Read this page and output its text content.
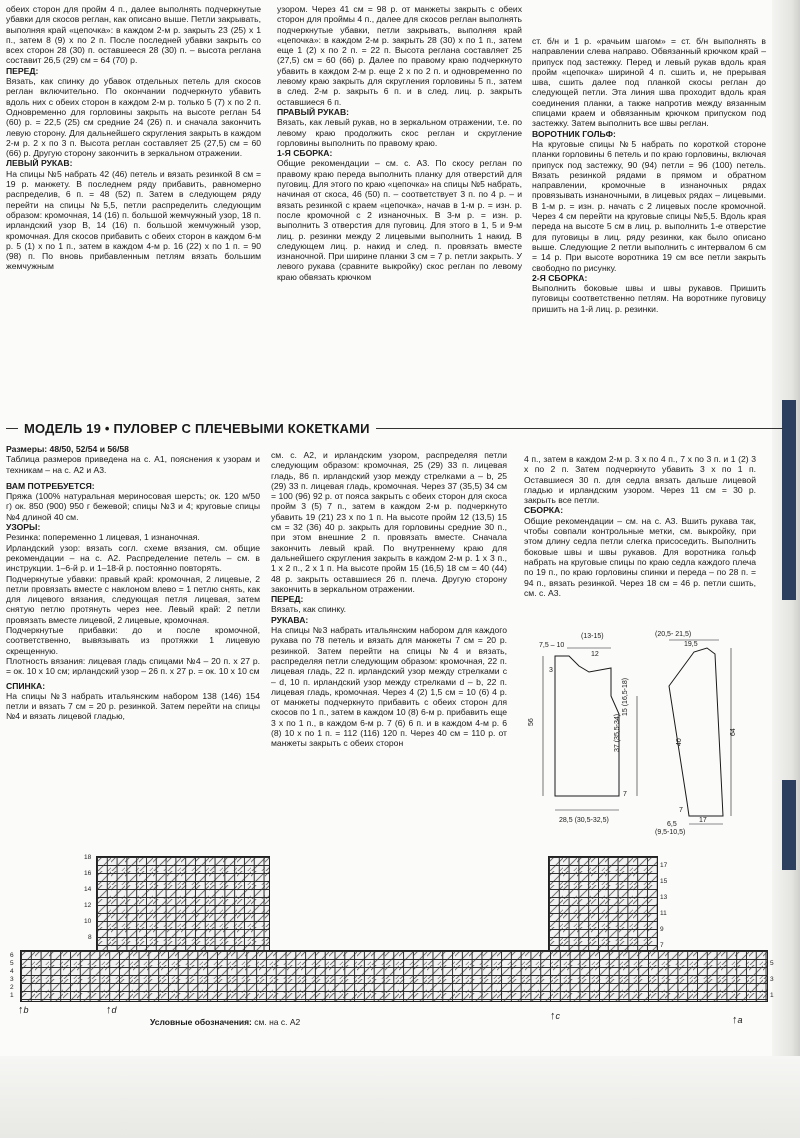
обеих сторон для пройм 4 п., далее выполнять подчеркнутые убавки для скосов реглан, как описано выше. Петли закрывать, выполняя край «цепочка»: в каждом 2-м р. закрыть 23 (25) х 1 п., затем 8 (9) х по 2 п. После последней убавки закрыть со всех сторон 28 (30) п. оставшееся 28 (30) п. – высота реглана составит 26,5 (29) см = 64 (70) р.

ПЕРЕД:

Вязать, как спинку до убавок отдельных петель для скосов реглан включительно. По окончании подчеркнуто убавить вдоль них с обеих сторон в каждом 2-м р. только 5 (7) х по 2 п. Одновременно для горловины закрыть на высоте реглан 54 (60) р. = 22,5 (25) см средние 24 (26) п. и сначала закончить левую сторону. Для дальнейшего скругления закрыть в каждом 2-м р. 2 х по 3 п. Высота реглан составляет 25 (27,5) см = 60 (66) р. Другую сторону закончить в зеркальном отражении.

ЛЕВЫЙ РУКАВ:

На спицы №5 набрать 42 (46) петель и вязать резинкой 8 см = 19 р. манжету. В последнем ряду прибавить, равномерно распределив, 6 п. = 48 (52) п. Затем в следующем ряду перейти на спицы №5,5, петли распределить следующим образом: кромочная, 14 (16) п. большой жемчужный узор, 18 п. ирландский узор В, 14 (16) п. большой жемчужный узор, кромочная. Для скосов прибавить с обеих сторон в каждом 6-м р. 5 (1) х по 1 п., затем в каждом 4-м р. 16 (22) х по 1 п. = 90 (98) п. По вновь прибавленным петлям вязать большим жемчужным

узором. Через 41 см = 98 р. от манжеты закрыть с обеих сторон для проймы 4 п., далее для скосов реглан выполнять подчеркнутые убавки, петли закрывать, выполняя край «цепочка»: в каждом 2-м р. закрыть 28 (30) х по 1 п., затем еще 1 (2) х по 2 п. = 22 п. Высота реглана составляет 25 (27,5) см = 60 (66) р. Далее по правому краю подчеркнуто убавить в каждом 2-м р. еще 2 х по 2 п. и одновременно по левому краю закрыть для скругления горловины 5 п., затем в след. 2-м р. закрыть 6 п. и в след. лиц. р. закрыть оставшиеся 6 п.

ПРАВЫЙ РУКАВ:

Вязать, как левый рукав, но в зеркальном отражении, т.е. по левому краю продолжить скос реглан и скругление горловины выполнить по правому краю.

1-Я СБОРКА:

Общие рекомендации – см. с. А3. По скосу реглан по правому краю переда выполнить планку для отверстий для пуговиц. Для этого по краю «цепочка» на спицы №5 набрать, начиная от скоса, 46 (50) п. – соответствует 3 п. по 4 р. – и вязать резинкой с краем «цепочка», начав в 1-м р. = изн. р. после кромочной с 2 изнаночных. В 3-м р. = изн. р. выполнить 3 отверстия для пуговиц. Для этого в 1, 5 и 9-м лиц. р. резинки между 2 лицевыми выполнить 1 накид. В следующем лиц. р. накид и след. п. провязать вместе изнаночной. При ширине планки 3 см = 7 р. петли закрыть. У левого рукава (сравните выкройку) скос реглан по левому краю обвязать крючком

ст. б/н и 1 р. «рачьим шагом» = ст. б/н выполнять в направлении слева направо. Обвязанный крючком край – припуск под застежку. Перед и левый рукав вдоль края пройм «цепочка» шириной 4 п. сшить и, не прерывая шва, сшить далее под планкой скосы реглан до следующей петли. Эта линия шва проходит вдоль края соединения планки, а также напротив между вязанным спицами краем и обвязанным крючком припуском под застежку. Затем выполнить все швы реглан.

ВОРОТНИК ГОЛЬФ:

На круговые спицы №5 набрать по короткой стороне планки горловины 6 петель и по краю горловины, включая припуск под застежку, 90 (94) петли = 96 (100) петель. Вязать резинкой рядами в прямом и обратном направлении, кромочные в изнаночных рядах провязывать изнаночными, в лицевых рядах – лицевыми. В 1-м р. = изн. р. начать с 2 лицевых после кромочной. Через 4 см перейти на круговые спицы №5,5. Вдоль края переда на высоте 5 см в лиц. р. выполнить 1-е отверстие для пуговицы в лиц. ряду резинки, как было описано выше. Следующие 2 петли выполнить с интервалом 6 см = 14 р. При высоте воротника 19 см все петли закрыть свободно по рисунку.

2-Я СБОРКА:

Выполнить боковые швы и швы рукавов. Пришить пуговицы соответственно петлям. На воротнике пуговицу пришить на 1-й лиц. р. резинки.

МОДЕЛЬ 19 • ПУЛОВЕР С ПЛЕЧЕВЫМИ КОКЕТКАМИ

Размеры: 48/50, 52/54 и 56/58

Таблица размеров приведена на с. А1, пояснения к узорам и техникам – на с. А2 и А3.

ВАМ ПОТРЕБУЕТСЯ:

Пряжа (100% натуральная мериносовая шерсть; ок. 120 м/50 г) ок. 850 (900) 950 г бежевой; спицы №3 и 4; круговые спицы №4 длиной 40 см.

УЗОРЫ:

Резинка: попеременно 1 лицевая, 1 изнаночная.

Ирландский узор: вязать согл. схеме вязания, см. общие рекомендации – на с. А2. Распределение петель – см. в инструкции. 1–6-й р. и 1–18-й р. постоянно повторять.

Подчеркнутые убавки: правый край: кромочная, 2 лицевые, 2 петли провязать вместе с наклоном влево = 1 петлю снять, как для лицевого вязания, следующая петля лицевая, затем снятую петлю протянуть через нее. Левый край: 2 петли провязать вместе лицевой, 2 лицевые, кромочная.

Подчеркнутые прибавки: до и после кромочной, соответственно, вывязывать из протяжки 1 лицевую скрещенную.

Плотность вязания: лицевая гладь спицами №4 – 20 п. х 27 р. = ок. 10 х 10 см; ирландский узор – 26 п. х 27 р. = ок. 10 х 10 см

СПИНКА:

На спицы №3 набрать итальянским набором 138 (146) 154 петли и вязать 7 см = 20 р. резинкой. Затем перейти на спицы №4 и вязать лицевой гладью,

см. с. А2, и ирландским узором, распределяя петли следующим образом: кромочная, 25 (29) 33 п. лицевая гладь, 86 п. ирландский узор между стрелками a – b, 25 (29) 33 п. лицевая гладь, кромочная. Через 37 (35,5) 34 см = 100 (96) 92 р. от пояса закрыть с обеих сторон для скоса пройм 3 (5) 7 п., затем в каждом 2-м р. подчеркнуто убавить 19 (21) 23 х по 1 п. На высоте пройм 12 (13,5) 15 см = 32 (36) 40 р. закрыть для горловины средние 30 п., при этом внешние 2 п. провязать вместе. Сначала закончить левый край. По внутреннему краю для дальнейшего скругления закрыть в каждом 2-м р. 1 х 3 п., 1 х 2 п., 2 х 1 п. На высоте пройм 15 (16,5) 18 см = 40 (44) 48 р. закрыть оставшиеся 26 п. плеча. Другую сторону закончить в зеркальном отражении.

ПЕРЕД:

Вязать, как спинку.

РУКАВА:

На спицы №3 набрать итальянским набором для каждого рукава по 78 петель и вязать для манжеты 7 см = 20 р. резинкой. Затем перейти на спицы №4 и вязать, распределяя петли следующим образом: кромочная, 22 п. лицевая гладь, 22 п. ирландский узор между стрелками c – d, 10 п. ирландский узор между стрелками d – b, 22 п. лицевая гладь, кромочная. Через 4 (2) 1,5 см = 10 (6) 4 р. от манжеты подчеркнуто прибавить с обеих сторон для скосов по 1 п., затем в каждом 10 (8) 6-м р. прибавить еще 3 х по 1 п., в каждом 6-м р. 7 (6) 6 п. и в каждом 4-м р. 6 (8) 10 х по 1 п. = 112 (116) 120 п. Через 40 см = 110 р. от манжеты закрыть с обеих сторон

4 п., затем в каждом 2-м р. 3 х по 4 п., 7 х по 3 п. и 1 (2) 3 х по 2 п. Затем подчеркнуто убавить 3 х по 1 п. Оставшиеся 30 п. для седла вязать дальше лицевой гладью и ирландским узором. Через 11 см = 30 р. закрыть все петли.

СБОРКА:

Общие рекомендации – см. на с. А3. Вшить рукава так, чтобы совпали контрольные метки, см. выкройку, при этом длину седла петли слегка присоседить. Выполнить боковые швы и швы рукавов. Для воротника гольф набрать на круговые спицы по краю седла каждого плеча по 19 п., по краю горловины спинки и переда – по 28 п. = 94 п., вязать резинкой. Через 18 см = 46 р. петли сшить, см. с. А3.

(20,5- 21,5)
19,5
7,5 – 10
(13-15)
12
56
3
15 (16,5-18)
37 (35,5-34)
7
28,5 (30,5-32,5)
64
40
7
17
6,5
(9,5-10,5)
18
16
14
12
10
8
6
4
2
5
3
1
17
15
13
11
9
7
5
3
1
↑b	↑d	↑c	↑a
Условные обозначения: см. на с. А2
